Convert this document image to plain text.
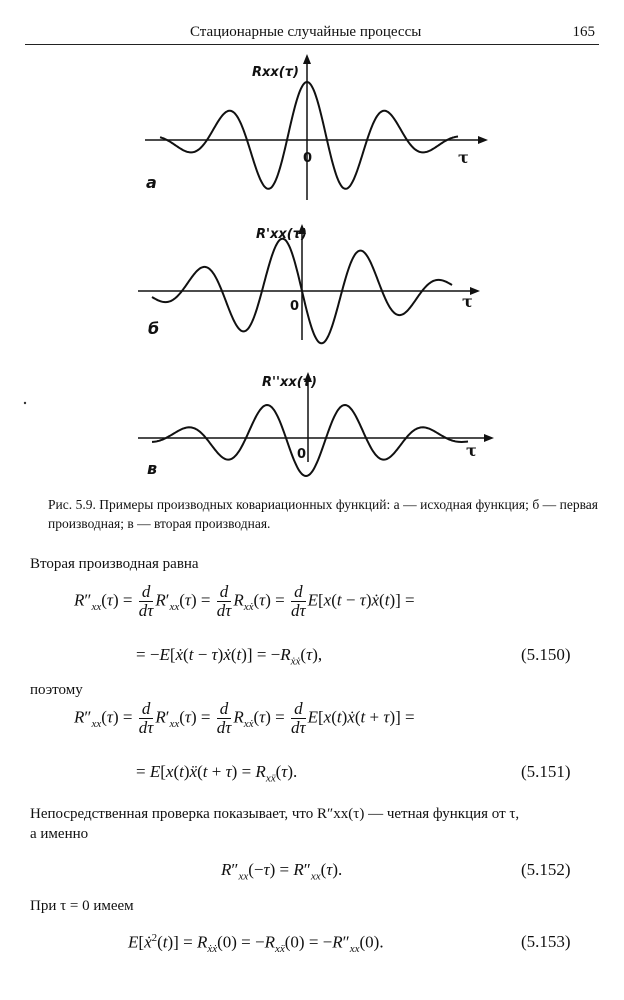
Стационарные случайные процессы	165
Rxx(τ)
0	τ
а
R'xx(τ)
0	τ
б
R''xx(τ)
0	τ
в
Рис. 5.9. Примеры производных ковариационных функций: а — исходная функция; б — первая производная; в — вторая производная.
Вторая производная равна
$R''_{xx}(\tau) = \frac{d}{d\tau} R'_{xx}(\tau) = \frac{d}{d\tau} R_{xẋ}(\tau) = \frac{d}{d\tau} E[x(t$ − τ)ẋ(t)] =
= −E[ẋ(t − τ)ẋ(t)] = $-R_{ẋẋ}(\tau)$,	(5.150)
поэтому
$R''_{xx}(\tau) = \frac{d}{d\tau} R'_{xx}(\tau) = \frac{d}{d\tau} R_{xẋ}(\tau) = \frac{d}{d\tau}$ E[x(t)ẋ(t + τ)] =
= E[x(t)ẍ(t + $\tau) = R_{xẍ}(\tau)$.	(5.151)
Непосредственная проверка показывает, что R″xx(τ) — четная функция от τ,
а именно
$R''_{xx}(-\tau) = R''_{xx}(\tau)$.	(5.152)
При τ = 0 имеем
E[ẋ$^2$(t)] = $R_{ẋẋ}(0) = -R_{xẍ}(0) = -R''_{xx}(0)$.	(5.153)
